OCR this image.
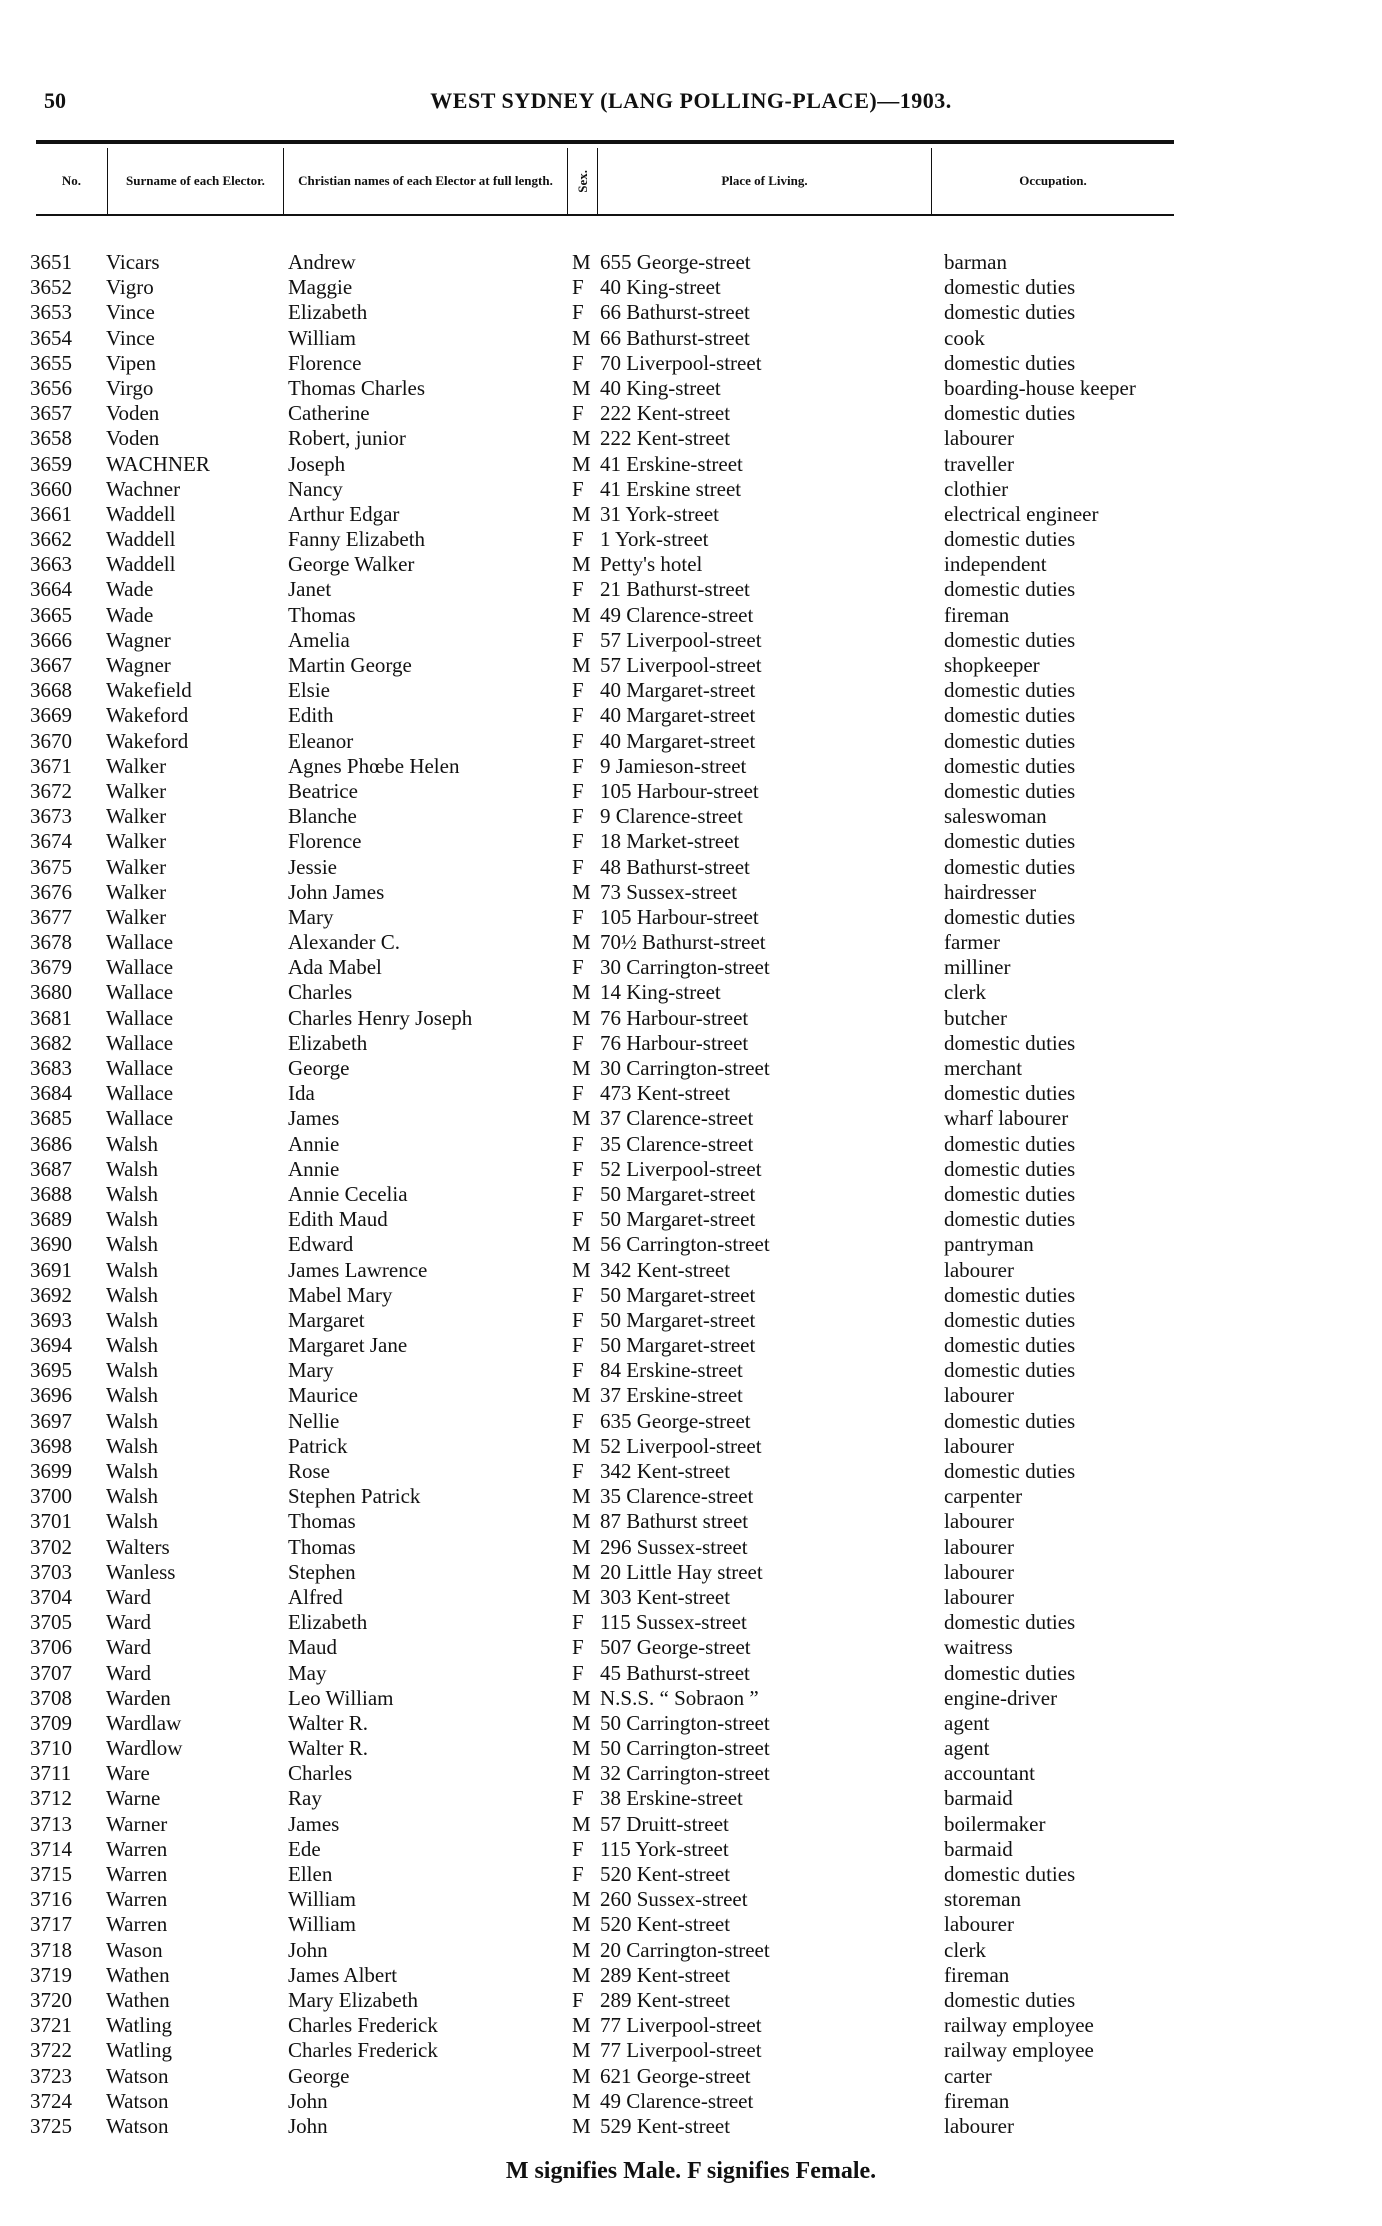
50	WEST SYDNEY (LANG POLLING-PLACE)—1903.
No.	Surname of each Elector.	Christian names of each Elector at full length.	Sex.	Place of Living.	Occupation.
3651 Vicars	Andrew	M 655 George-street	barman
3652 Vigro	Maggie	F 40 King-street	domestic duties
3653 Vince	Elizabeth	F 66 Bathurst-street	domestic duties
3654 Vince	William	M 66 Bathurst-street	cook
3655 Vipen	Florence	F 70 Liverpool-street	domestic duties
3656 Virgo	Thomas Charles	M 40 King-street	boarding-house keeper
3657 Voden	Catherine	F 222 Kent-street	domestic duties
3658 Voden	Robert, junior	M 222 Kent-street	labourer
3659 WACHNER	Joseph	M 41 Erskine-street	traveller
3660 Wachner	Nancy	F 41 Erskine street	clothier
3661 Waddell	Arthur Edgar	M 31 York-street	electrical engineer
3662 Waddell	Fanny Elizabeth	F 1 York-street	domestic duties
3663 Waddell	George Walker	M Petty's hotel	independent
3664 Wade	Janet	F 21 Bathurst-street	domestic duties
3665 Wade	Thomas	M 49 Clarence-street	fireman
3666 Wagner	Amelia	F 57 Liverpool-street	domestic duties
3667 Wagner	Martin George	M 57 Liverpool-street	shopkeeper
3668 Wakefield	Elsie	F 40 Margaret-street	domestic duties
3669 Wakeford	Edith	F 40 Margaret-street	domestic duties
3670 Wakeford	Eleanor	F 40 Margaret-street	domestic duties
3671 Walker	Agnes Phœbe Helen	F 9 Jamieson-street	domestic duties
3672 Walker	Beatrice	F 105 Harbour-street	domestic duties
3673 Walker	Blanche	F 9 Clarence-street	saleswoman
3674 Walker	Florence	F 18 Market-street	domestic duties
3675 Walker	Jessie	F 48 Bathurst-street	domestic duties
3676 Walker	John James	M 73 Sussex-street	hairdresser
3677 Walker	Mary	F 105 Harbour-street	domestic duties
3678 Wallace	Alexander C.	M 70½ Bathurst-street	farmer
3679 Wallace	Ada Mabel	F 30 Carrington-street	milliner
3680 Wallace	Charles	M 14 King-street	clerk
3681 Wallace	Charles Henry Joseph	M 76 Harbour-street	butcher
3682 Wallace	Elizabeth	F 76 Harbour-street	domestic duties
3683 Wallace	George	M 30 Carrington-street	merchant
3684 Wallace	Ida	F 473 Kent-street	domestic duties
3685 Wallace	James	M 37 Clarence-street	wharf labourer
3686 Walsh	Annie	F 35 Clarence-street	domestic duties
3687 Walsh	Annie	F 52 Liverpool-street	domestic duties
3688 Walsh	Annie Cecelia	F 50 Margaret-street	domestic duties
3689 Walsh	Edith Maud	F 50 Margaret-street	domestic duties
3690 Walsh	Edward	M 56 Carrington-street	pantryman
3691 Walsh	James Lawrence	M 342 Kent-street	labourer
3692 Walsh	Mabel Mary	F 50 Margaret-street	domestic duties
3693 Walsh	Margaret	F 50 Margaret-street	domestic duties
3694 Walsh	Margaret Jane	F 50 Margaret-street	domestic duties
3695 Walsh	Mary	F 84 Erskine-street	domestic duties
3696 Walsh	Maurice	M 37 Erskine-street	labourer
3697 Walsh	Nellie	F 635 George-street	domestic duties
3698 Walsh	Patrick	M 52 Liverpool-street	labourer
3699 Walsh	Rose	F 342 Kent-street	domestic duties
3700 Walsh	Stephen Patrick	M 35 Clarence-street	carpenter
3701 Walsh	Thomas	M 87 Bathurst street	labourer
3702 Walters	Thomas	M 296 Sussex-street	labourer
3703 Wanless	Stephen	M 20 Little Hay street	labourer
3704 Ward	Alfred	M 303 Kent-street	labourer
3705 Ward	Elizabeth	F 115 Sussex-street	domestic duties
3706 Ward	Maud	F 507 George-street	waitress
3707 Ward	May	F 45 Bathurst-street	domestic duties
3708 Warden	Leo William	M N.S.S. “ Sobraon ”	engine-driver
3709 Wardlaw	Walter R.	M 50 Carrington-street	agent
3710 Wardlow	Walter R.	M 50 Carrington-street	agent
3711 Ware	Charles	M 32 Carrington-street	accountant
3712 Warne	Ray	F 38 Erskine-street	barmaid
3713 Warner	James	M 57 Druitt-street	boilermaker
3714 Warren	Ede	F 115 York-street	barmaid
3715 Warren	Ellen	F 520 Kent-street	domestic duties
3716 Warren	William	M 260 Sussex-street	storeman
3717 Warren	William	M 520 Kent-street	labourer
3718 Wason	John	M 20 Carrington-street	clerk
3719 Wathen	James Albert	M 289 Kent-street	fireman
3720 Wathen	Mary Elizabeth	F 289 Kent-street	domestic duties
3721 Watling	Charles Frederick	M 77 Liverpool-street	railway employee
3722 Watling	Charles Frederick	M 77 Liverpool-street	railway employee
3723 Watson	George	M 621 George-street	carter
3724 Watson	John	M 49 Clarence-street	fireman
3725 Watson	John	M 529 Kent-street	labourer
M signifies Male. F signifies Female.
